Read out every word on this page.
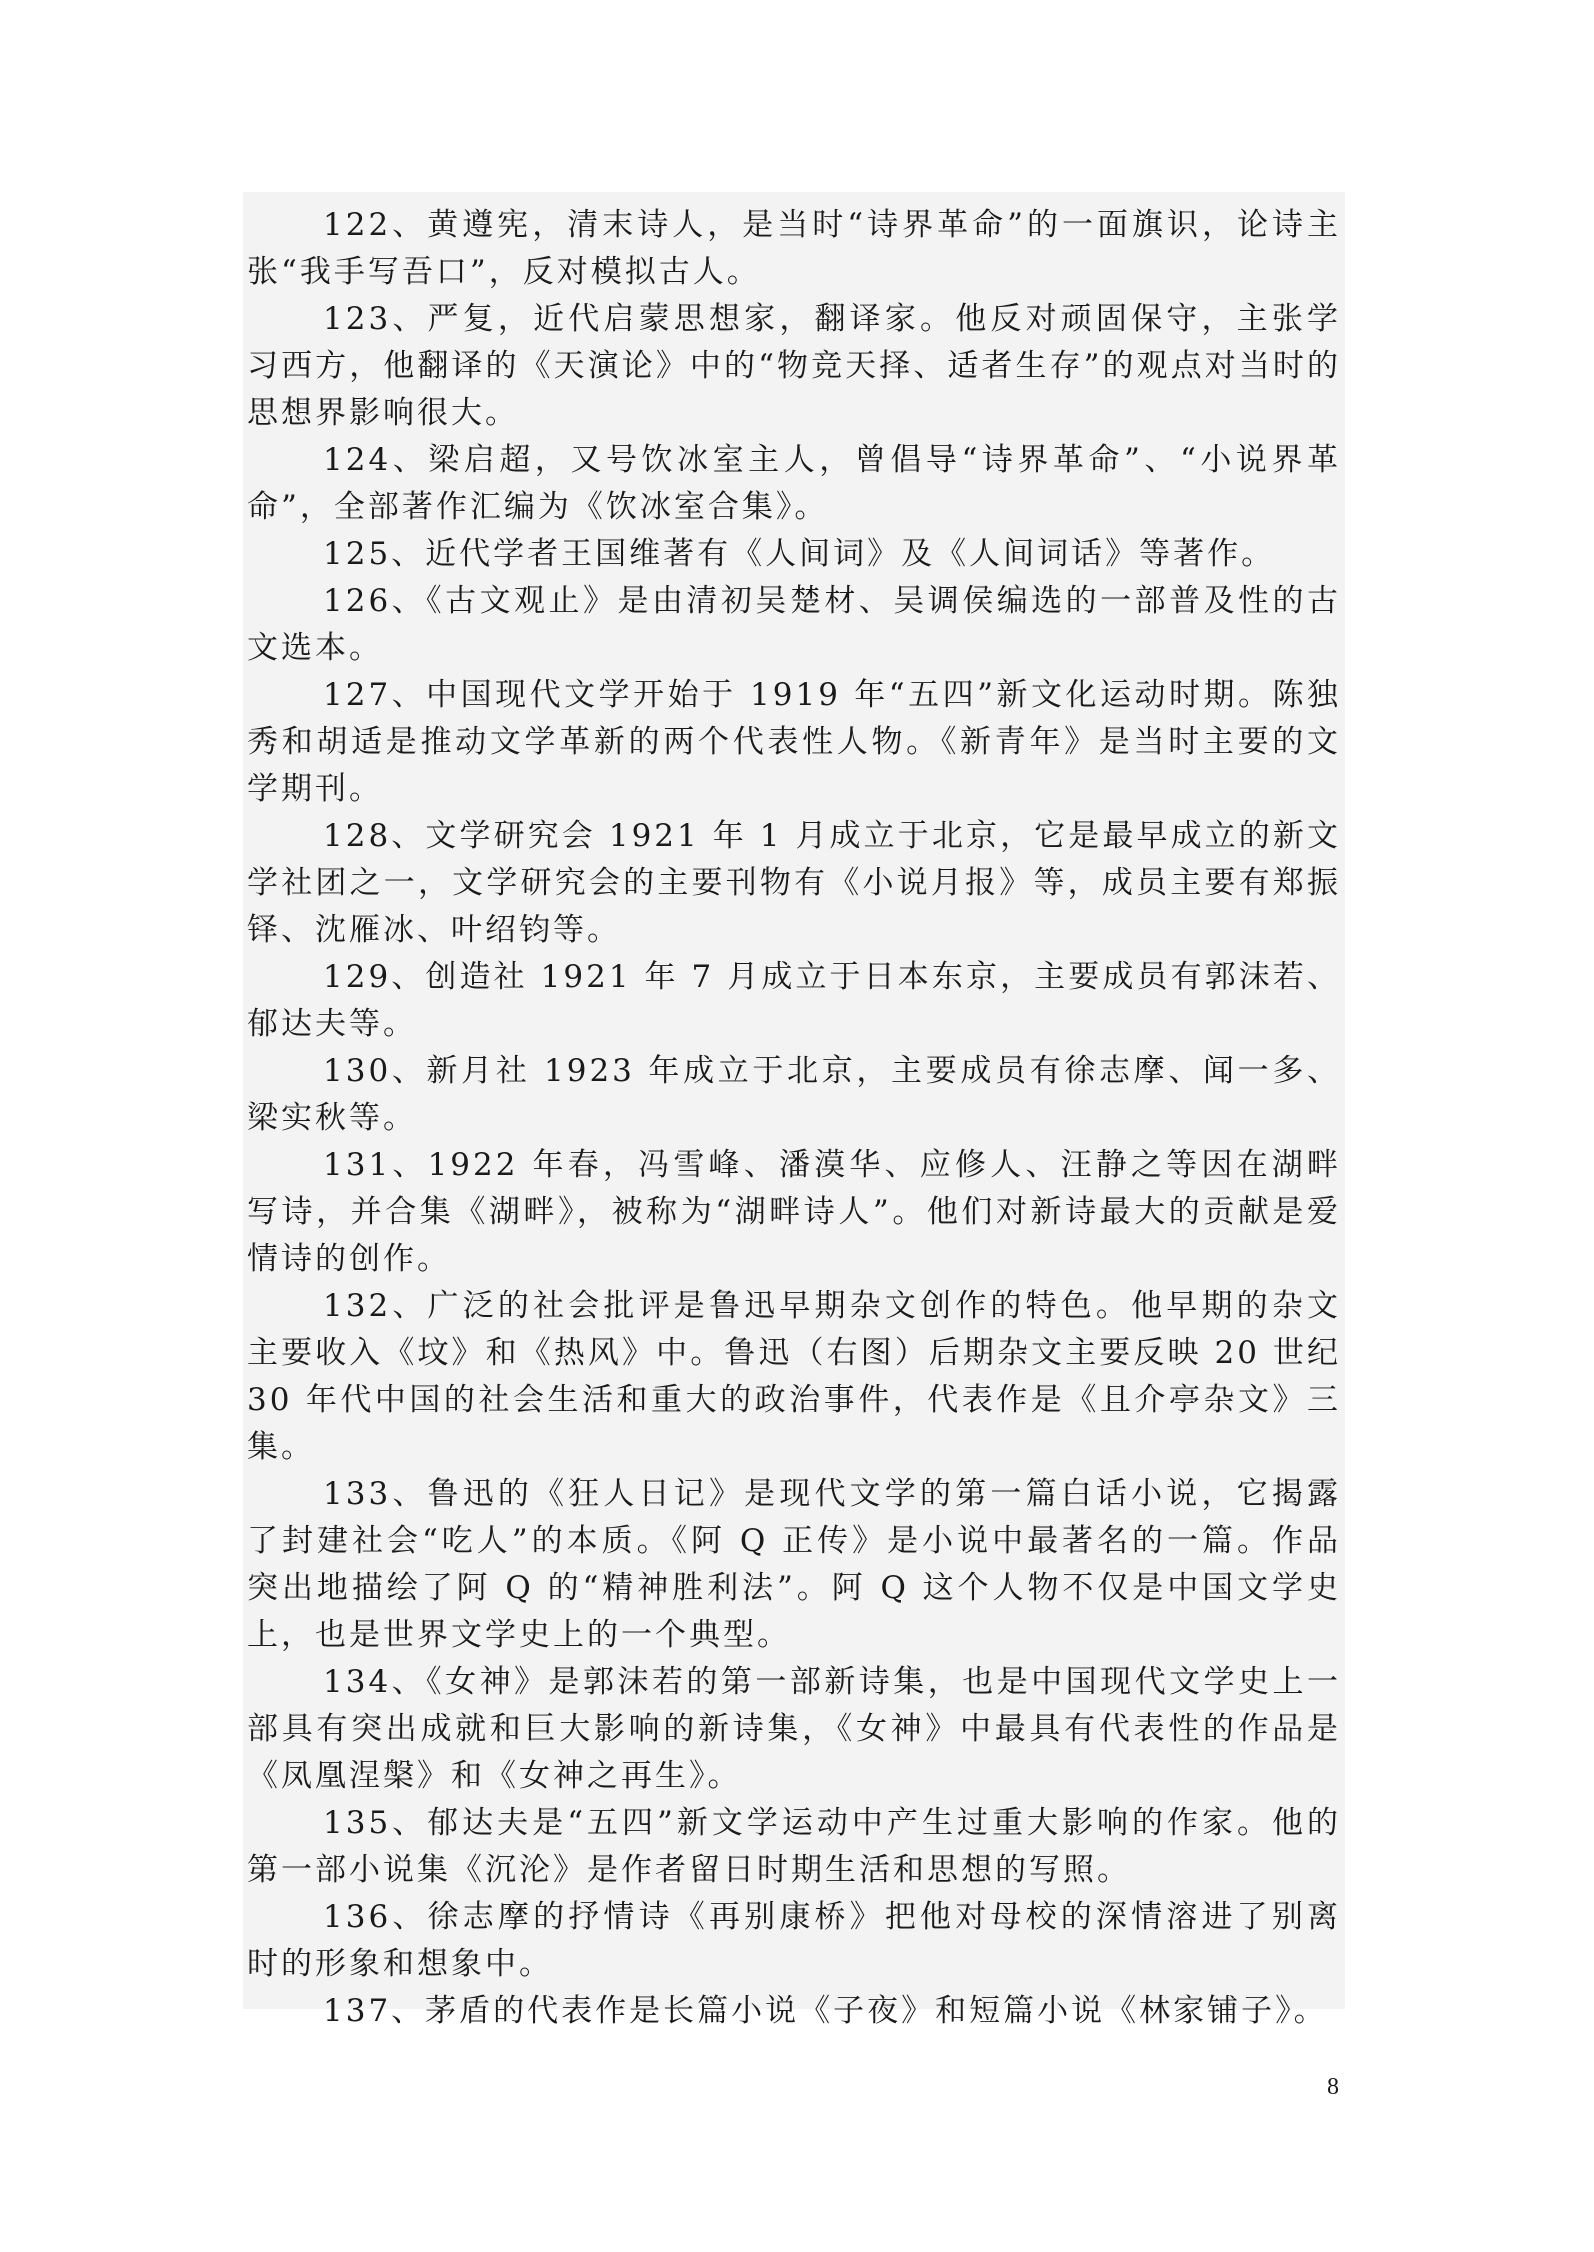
122、黄遵宪，清末诗人，是当时“诗界革命”的一面旗识，论诗主张“我手写吾口”，反对模拟古人。

123、严复，近代启蒙思想家，翻译家。他反对顽固保守，主张学习西方，他翻译的《天演论》中的“物竞天择、适者生存”的观点对当时的思想界影响很大。

124、梁启超，又号饮冰室主人，曾倡导“诗界革命”、“小说界革命”，全部著作汇编为《饮冰室合集》。

125、近代学者王国维著有《人间词》及《人间词话》等著作。

126、《古文观止》是由清初吴楚材、吴调侯编选的一部普及性的古文选本。

127、中国现代文学开始于 1919 年“五四”新文化运动时期。陈独秀和胡适是推动文学革新的两个代表性人物。《新青年》是当时主要的文学期刊。

128、文学研究会 1921 年 1 月成立于北京，它是最早成立的新文学社团之一，文学研究会的主要刊物有《小说月报》等，成员主要有郑振铎、沈雁冰、叶绍钧等。

129、创造社 1921 年 7 月成立于日本东京，主要成员有郭沫若、郁达夫等。

130、新月社 1923 年成立于北京，主要成员有徐志摩、闻一多、梁实秋等。

131、1922 年春，冯雪峰、潘漠华、应修人、汪静之等因在湖畔写诗，并合集《湖畔》，被称为“湖畔诗人”。他们对新诗最大的贡献是爱情诗的创作。

132、广泛的社会批评是鲁迅早期杂文创作的特色。他早期的杂文主要收入《坟》和《热风》中。鲁迅（右图）后期杂文主要反映 20 世纪 30 年代中国的社会生活和重大的政治事件，代表作是《且介亭杂文》三集。

133、鲁迅的《狂人日记》是现代文学的第一篇白话小说，它揭露了封建社会“吃人”的本质。《阿 Q 正传》是小说中最著名的一篇。作品突出地描绘了阿 Q 的“精神胜利法”。阿 Q 这个人物不仅是中国文学史上，也是世界文学史上的一个典型。

134、《女神》是郭沫若的第一部新诗集，也是中国现代文学史上一部具有突出成就和巨大影响的新诗集，《女神》中最具有代表性的作品是《凤凰涅槃》和《女神之再生》。

135、郁达夫是“五四”新文学运动中产生过重大影响的作家。他的第一部小说集《沉沦》是作者留日时期生活和思想的写照。

136、徐志摩的抒情诗《再别康桥》把他对母校的深情溶进了别离时的形象和想象中。

137、茅盾的代表作是长篇小说《子夜》和短篇小说《林家铺子》。

8
